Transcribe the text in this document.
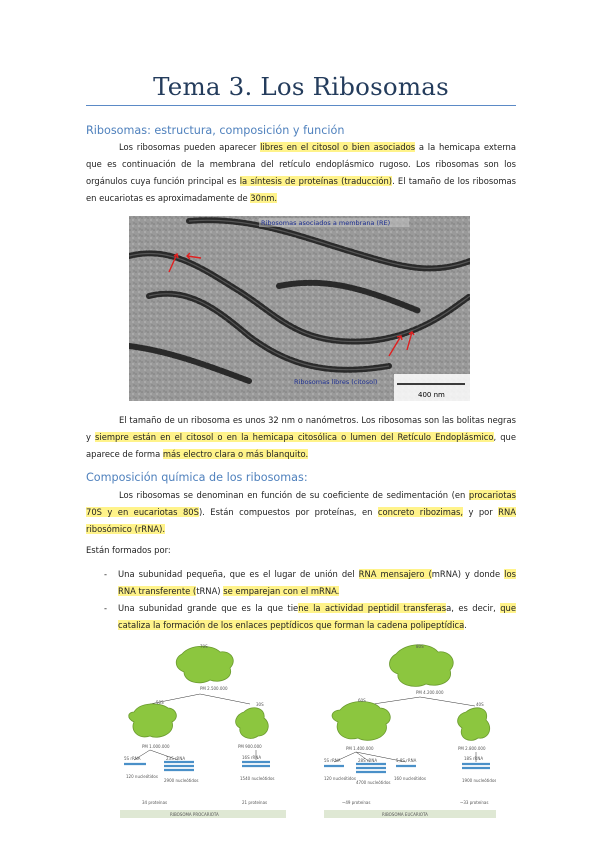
Tema 3. Los Ribosomas
Ribosomas: estructura, composición y función

Los ribosomas pueden aparecer libres en el citosol o bien asociados a la hemicapa externa que es continuación de la membrana del retículo endoplásmico rugoso. Los ribosomas son los orgánulos cuya función principal es la síntesis de proteínas (traducción). El tamaño de los ribosomas en eucariotas es aproximadamente de 30nm.

Ribosomas asociados a membrana (RE)
Ribosomas libres (citosol)
400 nm

El tamaño de un ribosoma es unos 32 nm o nanómetros. Los ribosomas son las bolitas negras y siempre están en el citosol o en la hemicapa citosólica o lumen del Retículo Endoplásmico, que aparece de forma más electro clara o más blanquito.

Composición química de los ribosomas:

Los ribosomas se denominan en función de su coeficiente de sedimentación (en procariotas 70S y en eucariotas 80S). Están compuestos por proteínas, en concreto ribozimas, y por RNA ribosómico (rRNA).

Están formados por:
- Una subunidad pequeña, que es el lugar de unión del RNA mensajero (mRNA) y donde los RNA transferente (tRNA) se emparejan con el mRNA.
- Una subunidad grande que es la que tiene la actividad peptidil transferasa, es decir, que cataliza la formación de los enlaces peptídicos que forman la cadena polipeptídica.
70S
PM 2.500.000
50S	30S
PM 1.000.000	PM 900.000
5S rRNA
120 nucleótidos
23S rRNA
2900 nucleótidos
16S rRNA
1540 nucleótidos
34 proteínas	21 proteínas
RIBOSOMA PROCARIOTA
80S
PM 4.200.000
60S
40S
PM 1.400.000	PM 2.800.000
5S rRNA
120 nucleótidos
28S rRNA
4700 nucleótidos
5,8S rRNA
160 nucleótidos
18S rRNA
1900 nucleótidos
~49 proteínas	~33 proteínas
RIBOSOMA EUCARIOTA
